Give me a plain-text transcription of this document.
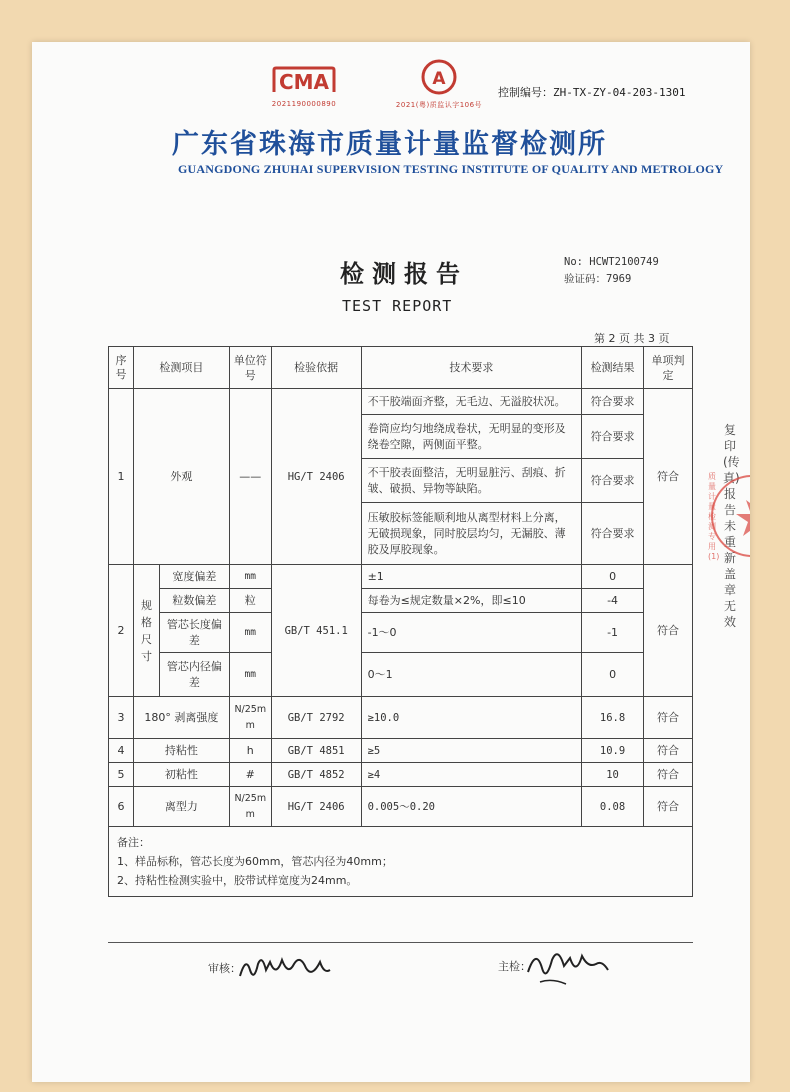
CMA
2021190000890
A
2021(粤)质监认字106号
控制编号：ZH-TX-ZY-04-203-1301
广东省珠海市质量计量监督检测所
GUANGDONG ZHUHAI SUPERVISION TESTING INSTITUTE OF QUALITY AND METROLOGY
检测报告
TEST REPORT
No: HCWT2100749
验证码：7969
第 2 页 共 3 页
序号	检测项目		单位符号	检验依据	技术要求	检测结果	单项判定
1	外观		——	HG/T 2406	不干胶端面齐整，无毛边、无溢胶状况。	符合要求	符合
					卷筒应均匀地绕成卷状，无明显的变形及绕卷空隙，两侧面平整。	符合要求	
					不干胶表面整洁，无明显脏污、刮痕、折皱、破损、异物等缺陷。	符合要求	
					压敏胶标签能顺利地从离型材料上分离，无破损现象，同时胶层均匀，无漏胶、薄胶及厚胶现象。	符合要求	
2	规格尺寸	宽度偏差	mm	GB/T 451.1	±1	0	符合
		粒数偏差	粒		每卷为≤规定数量×2%，即≤10	-4	
		管芯长度偏差	mm		-1～0	-1	
		管芯内径偏差	mm		0～1	0	
3	180° 剥离强度		N/25mm	GB/T 2792	≥10.0	16.8	符合
4	持粘性		h	GB/T 4851	≥5	10.9	符合
5	初粘性		#	GB/T 4852	≥4	10	符合
6	离型力		N/25mm	HG/T 2406	0.005～0.20	0.08	符合

备注：
1、样品标称，管芯长度为60mm，管芯内径为40mm；
2、持粘性检测实验中，胶带试样宽度为24mm。							
复印(传真)报告未重新盖章无效
质量计量 检测专用(1)
审核：	主检：
